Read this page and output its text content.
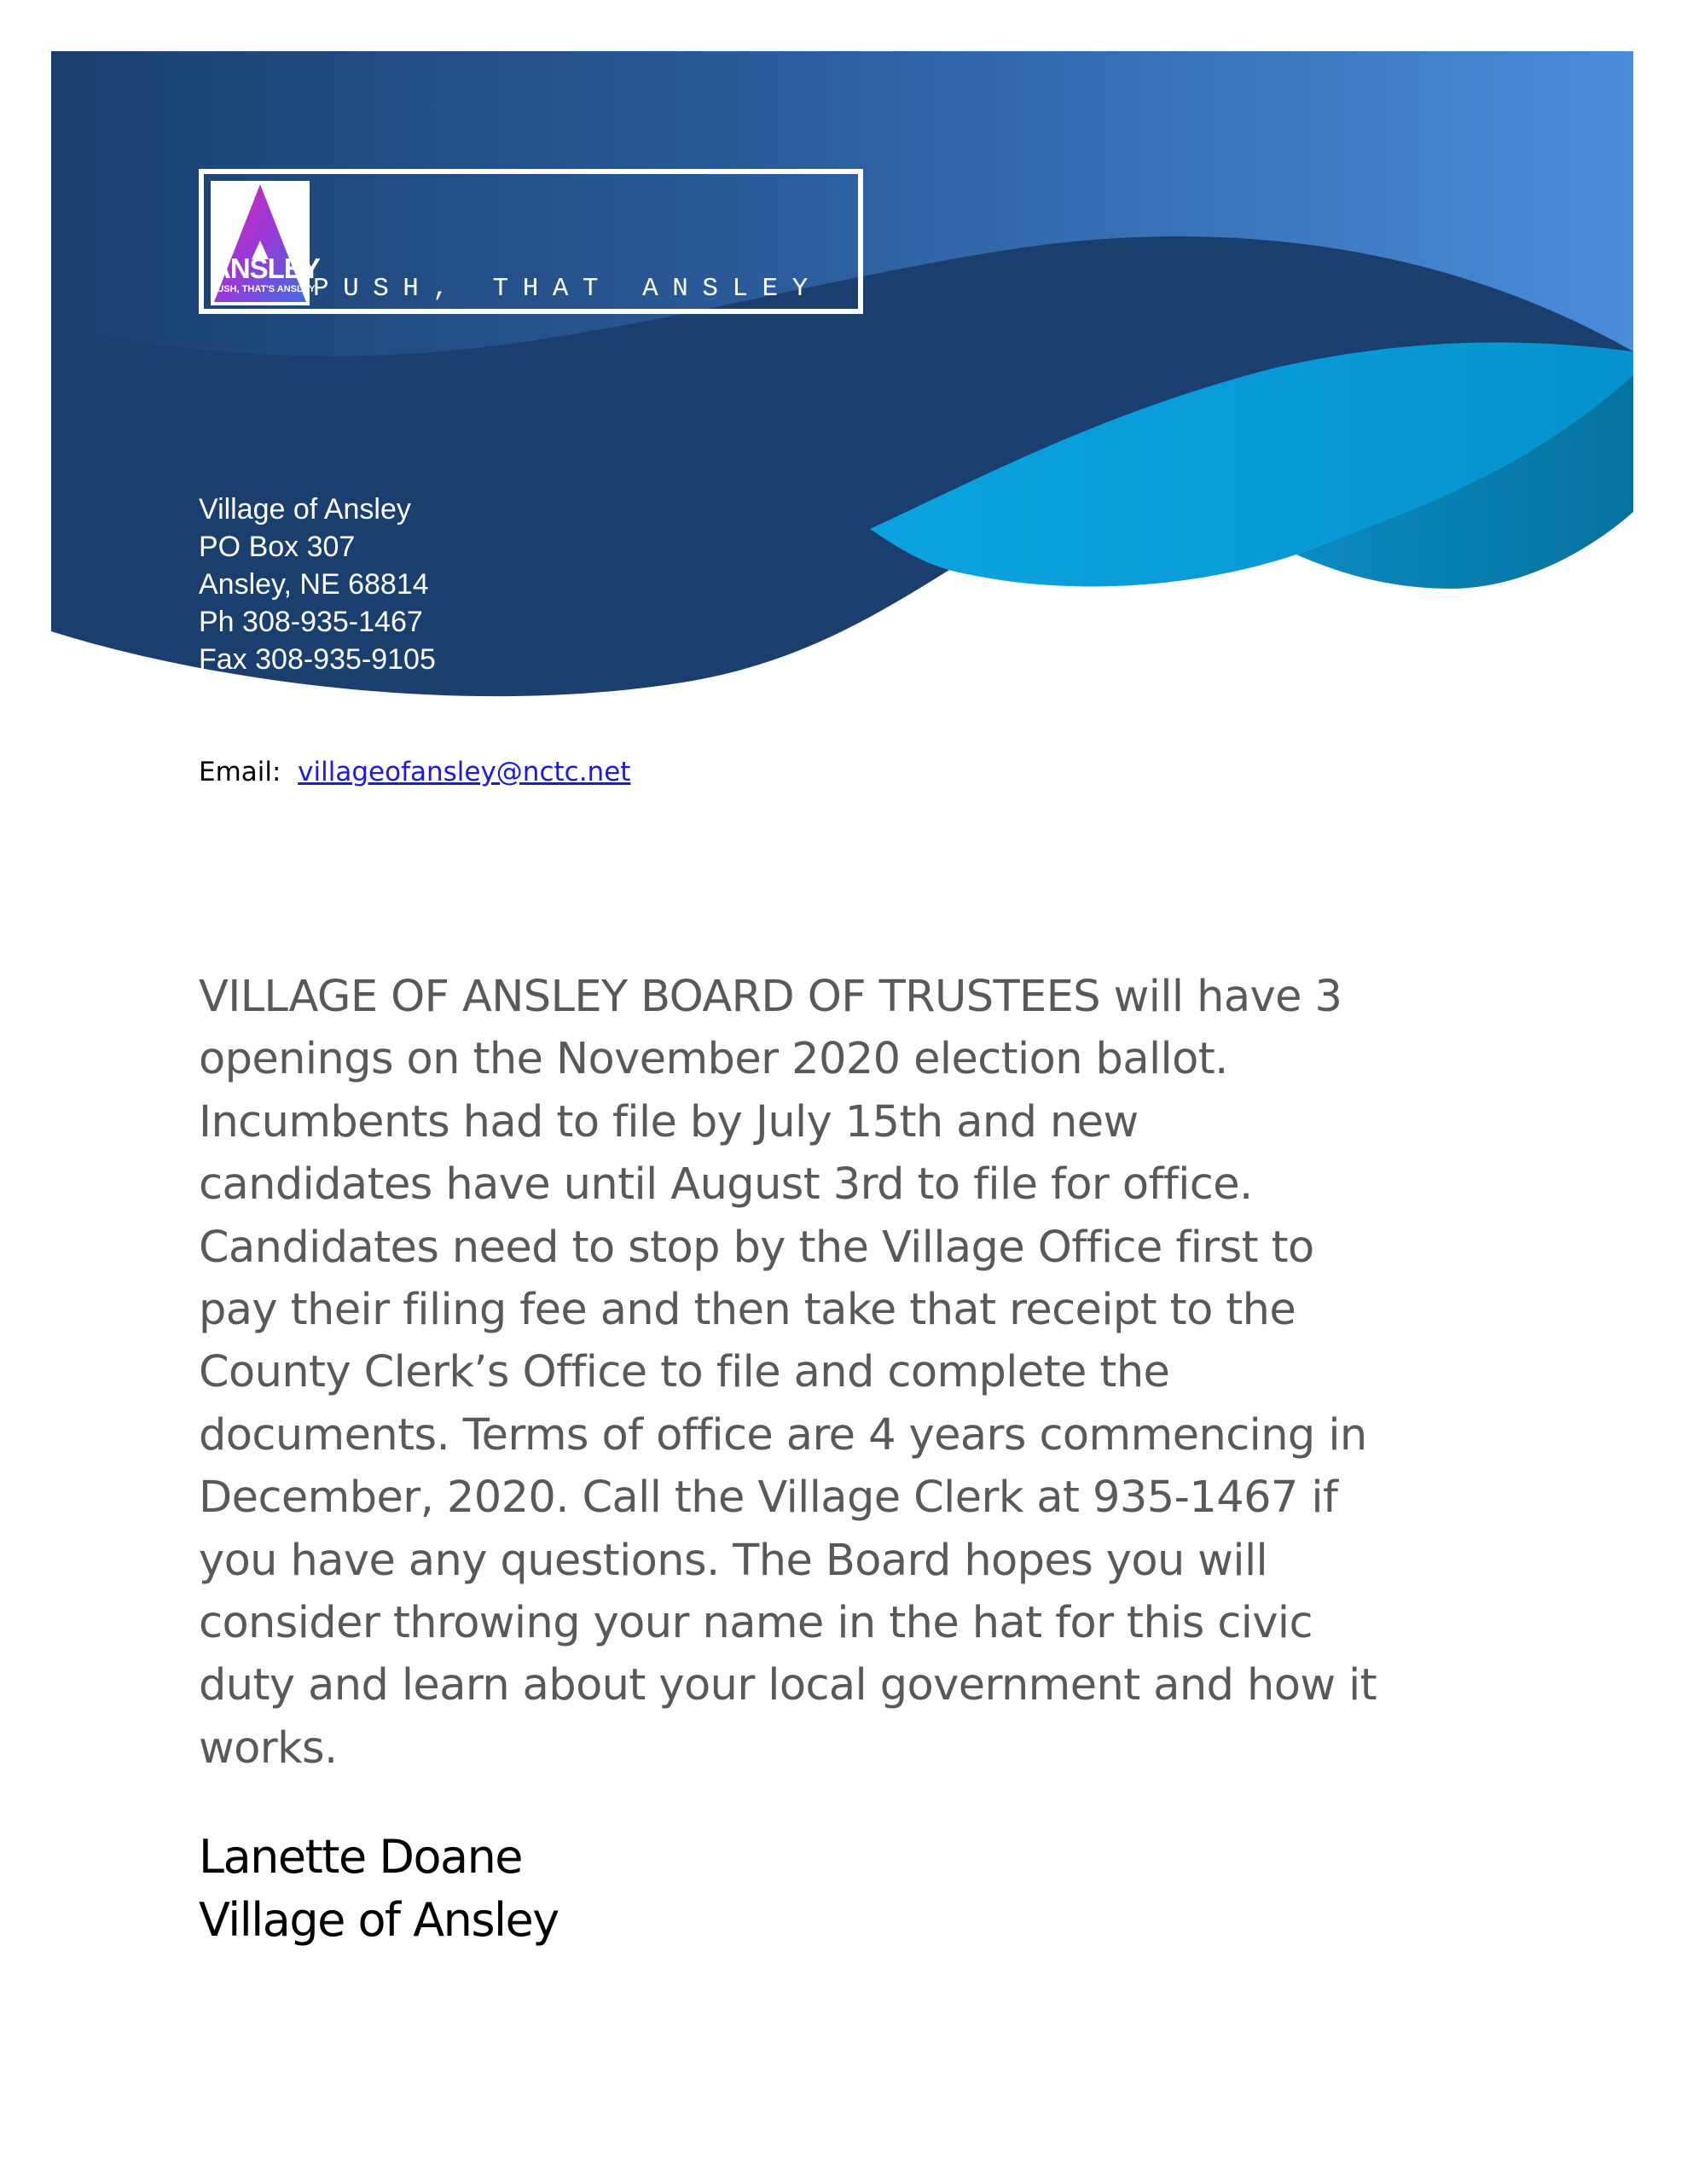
ANSLEY
PUSH, THAT'S ANSLEY
PUSH, THAT ANSLEY
Village of Ansley
PO Box 307
Ansley, NE 68814
Ph 308-935-1467
Fax 308-935-9105
Email: villageofansley@nctc.net
VILLAGE OF ANSLEY BOARD OF TRUSTEES will have 3
openings on the November 2020 election ballot.
Incumbents had to file by July 15th and new
candidates have until August 3rd to file for office.
Candidates need to stop by the Village Office first to
pay their filing fee and then take that receipt to the
County Clerk’s Office to file and complete the
documents. Terms of office are 4 years commencing in
December, 2020. Call the Village Clerk at 935-1467 if
you have any questions. The Board hopes you will
consider throwing your name in the hat for this civic
duty and learn about your local government and how it
works.
Lanette Doane
Village of Ansley
